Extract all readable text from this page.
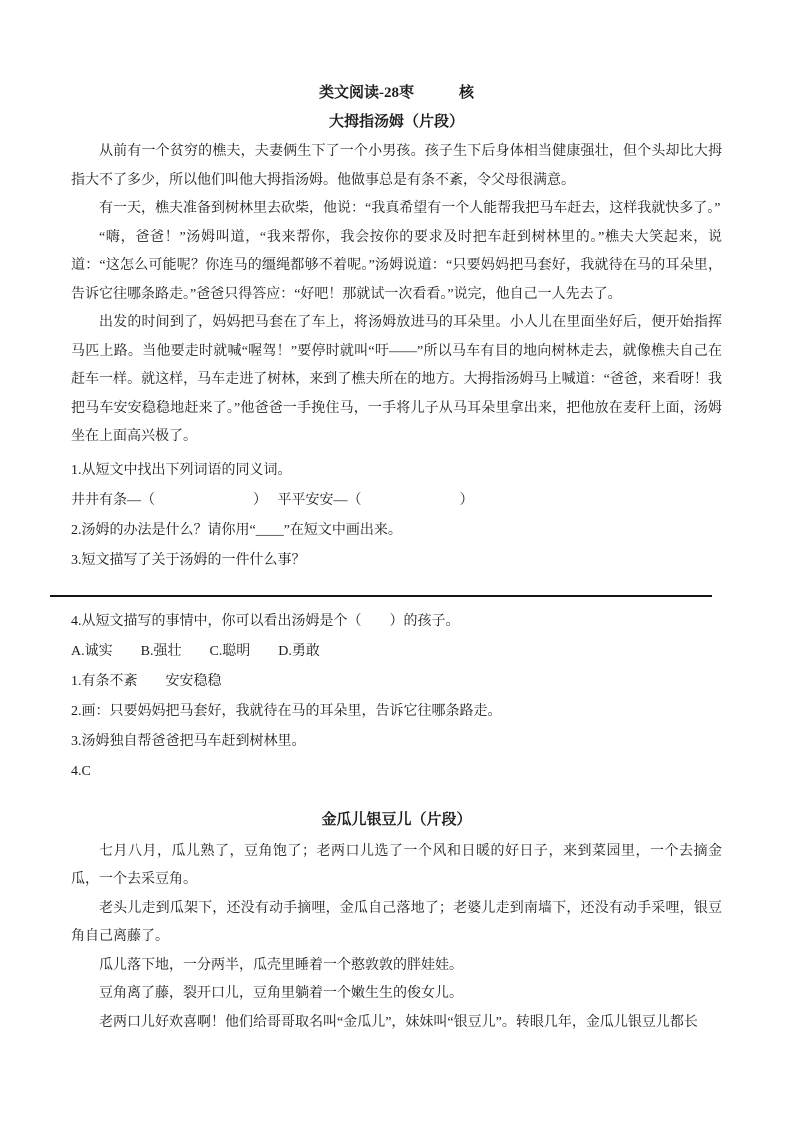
类文阅读-28枣　　　核
大拇指汤姆（片段）

从前有一个贫穷的樵夫，夫妻俩生下了一个小男孩。孩子生下后身体相当健康强壮，但个头却比大拇指大不了多少，所以他们叫他大拇指汤姆。他做事总是有条不紊，令父母很满意。

有一天，樵夫准备到树林里去砍柴，他说：“我真希望有一个人能帮我把马车赶去，这样我就快多了。”

“嗨，爸爸！”汤姆叫道，“我来帮你，我会按你的要求及时把车赶到树林里的。”樵夫大笑起来，说道：“这怎么可能呢？你连马的缰绳都够不着呢。”汤姆说道：“只要妈妈把马套好，我就待在马的耳朵里，告诉它往哪条路走。”爸爸只得答应：“好吧！那就试一次看看。”说完，他自己一人先去了。

出发的时间到了，妈妈把马套在了车上，将汤姆放进马的耳朵里。小人儿在里面坐好后，便开始指挥马匹上路。当他要走时就喊“喔驾！”要停时就叫“吁——”所以马车有目的地向树林走去，就像樵夫自己在赶车一样。就这样，马车走进了树林，来到了樵夫所在的地方。大拇指汤姆马上喊道：“爸爸，来看呀！我把马车安安稳稳地赶来了。”他爸爸一手挽住马，一手将儿子从马耳朵里拿出来，把他放在麦秆上面，汤姆坐在上面高兴极了。

1.从短文中找出下列词语的同义词。
井井有条—（　　　　　　　）　 平平安安—（　　　　　　　）
2.汤姆的办法是什么？请你用“____”在短文中画出来。
3.短文描写了关于汤姆的一件什么事？
4.从短文描写的事情中，你可以看出汤姆是个（　　）的孩子。
A.诚实　　B.强壮　　C.聪明　　D.勇敢
1.有条不紊　　安安稳稳
2.画：只要妈妈把马套好，我就待在马的耳朵里，告诉它往哪条路走。
3.汤姆独自帮爸爸把马车赶到树林里。
4.C
金瓜儿银豆儿（片段）

七月八月，瓜儿熟了，豆角饱了；老两口儿选了一个风和日暖的好日子，来到菜园里，一个去摘金瓜，一个去采豆角。

老头儿走到瓜架下，还没有动手摘哩，金瓜自己落地了；老婆儿走到南墙下，还没有动手采哩，银豆角自己离藤了。

瓜儿落下地，一分两半，瓜壳里睡着一个憨敦敦的胖娃娃。

豆角离了藤，裂开口儿，豆角里躺着一个嫩生生的俊女儿。

老两口儿好欢喜啊！他们给哥哥取名叫“金瓜儿”，妹妹叫“银豆儿”。转眼几年，金瓜儿银豆儿都长
